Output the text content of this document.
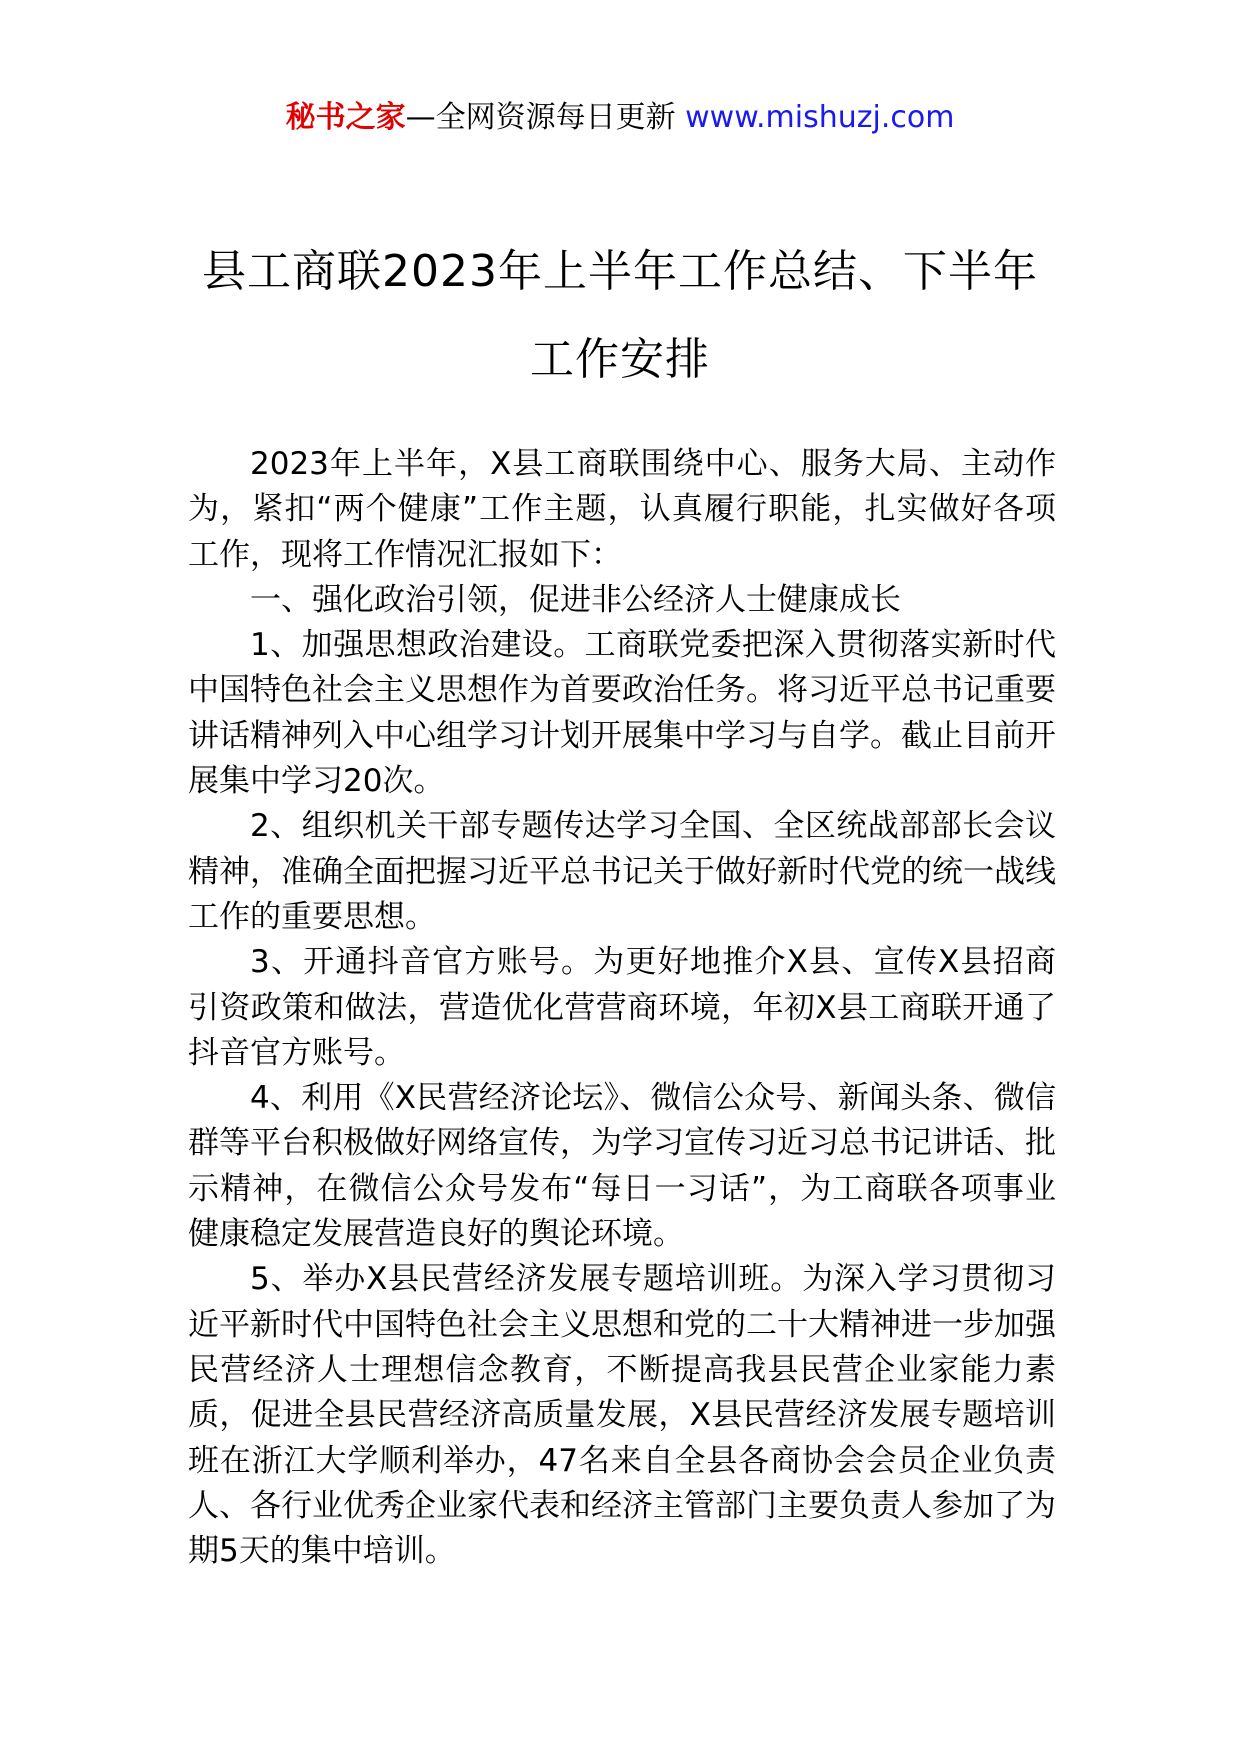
秘书之家—全网资源每日更新 www.mishuzj.com
县工商联2023年上半年工作总结、下半年工作安排

2023年上半年，X县工商联围绕中心、服务大局、主动作为，紧扣“两个健康”工作主题，认真履行职能，扎实做好各项工作，现将工作情况汇报如下：

一、强化政治引领，促进非公经济人士健康成长

1、加强思想政治建设。工商联党委把深入贯彻落实新时代中国特色社会主义思想作为首要政治任务。将习近平总书记重要讲话精神列入中心组学习计划开展集中学习与自学。截止目前开展集中学习20次。

2、组织机关干部专题传达学习全国、全区统战部部长会议精神，准确全面把握习近平总书记关于做好新时代党的统一战线工作的重要思想。

3、开通抖音官方账号。为更好地推介X县、宣传X县招商引资政策和做法，营造优化营营商环境，年初X县工商联开通了抖音官方账号。

4、利用《X民营经济论坛》、微信公众号、新闻头条、微信群等平台积极做好网络宣传，为学习宣传习近习总书记讲话、批示精神，在微信公众号发布“每日一习话”，为工商联各项事业健康稳定发展营造良好的舆论环境。

5、举办X县民营经济发展专题培训班。为深入学习贯彻习近平新时代中国特色社会主义思想和党的二十大精神进一步加强民营经济人士理想信念教育，不断提高我县民营企业家能力素质，促进全县民营经济高质量发展，X县民营经济发展专题培训班在浙江大学顺利举办，47名来自全县各商协会会员企业负责人、各行业优秀企业家代表和经济主管部门主要负责人参加了为期5天的集中培训。
